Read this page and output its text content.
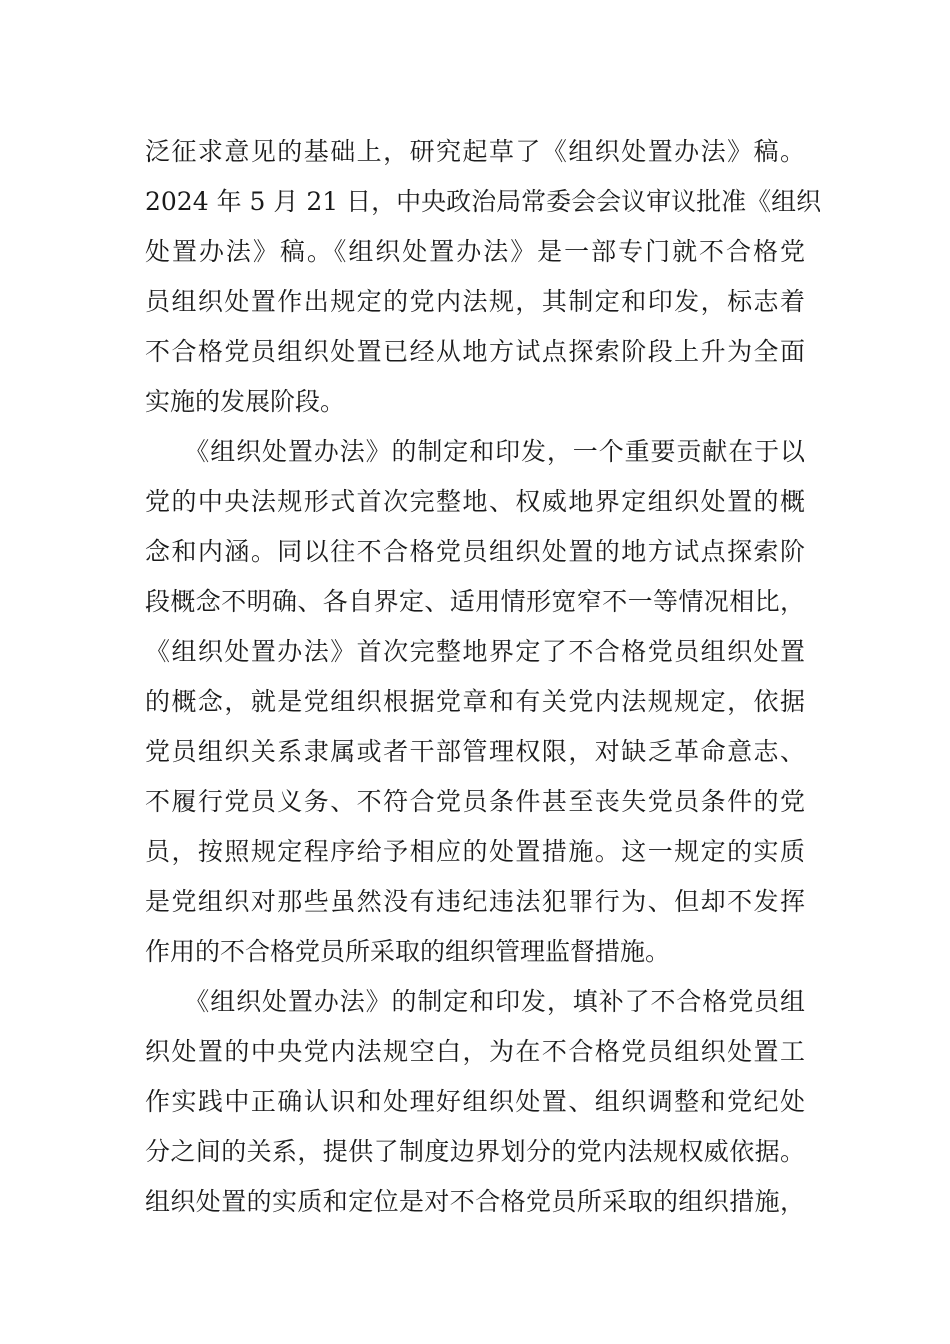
泛征求意见的基础上，研究起草了《组织处置办法》稿。
2024 年 5 月 21 日，中央政治局常委会会议审议批准《组织
处置办法》稿。《组织处置办法》是一部专门就不合格党
员组织处置作出规定的党内法规，其制定和印发，标志着
不合格党员组织处置已经从地方试点探索阶段上升为全面
实施的发展阶段。
　　《组织处置办法》的制定和印发，一个重要贡献在于以
党的中央法规形式首次完整地、权威地界定组织处置的概
念和内涵。同以往不合格党员组织处置的地方试点探索阶
段概念不明确、各自界定、适用情形宽窄不一等情况相比，
《组织处置办法》首次完整地界定了不合格党员组织处置
的概念，就是党组织根据党章和有关党内法规规定，依据
党员组织关系隶属或者干部管理权限，对缺乏革命意志、
不履行党员义务、不符合党员条件甚至丧失党员条件的党
员，按照规定程序给予相应的处置措施。这一规定的实质
是党组织对那些虽然没有违纪违法犯罪行为、但却不发挥
作用的不合格党员所采取的组织管理监督措施。
　　《组织处置办法》的制定和印发，填补了不合格党员组
织处置的中央党内法规空白，为在不合格党员组织处置工
作实践中正确认识和处理好组织处置、组织调整和党纪处
分之间的关系，提供了制度边界划分的党内法规权威依据。
组织处置的实质和定位是对不合格党员所采取的组织措施，
